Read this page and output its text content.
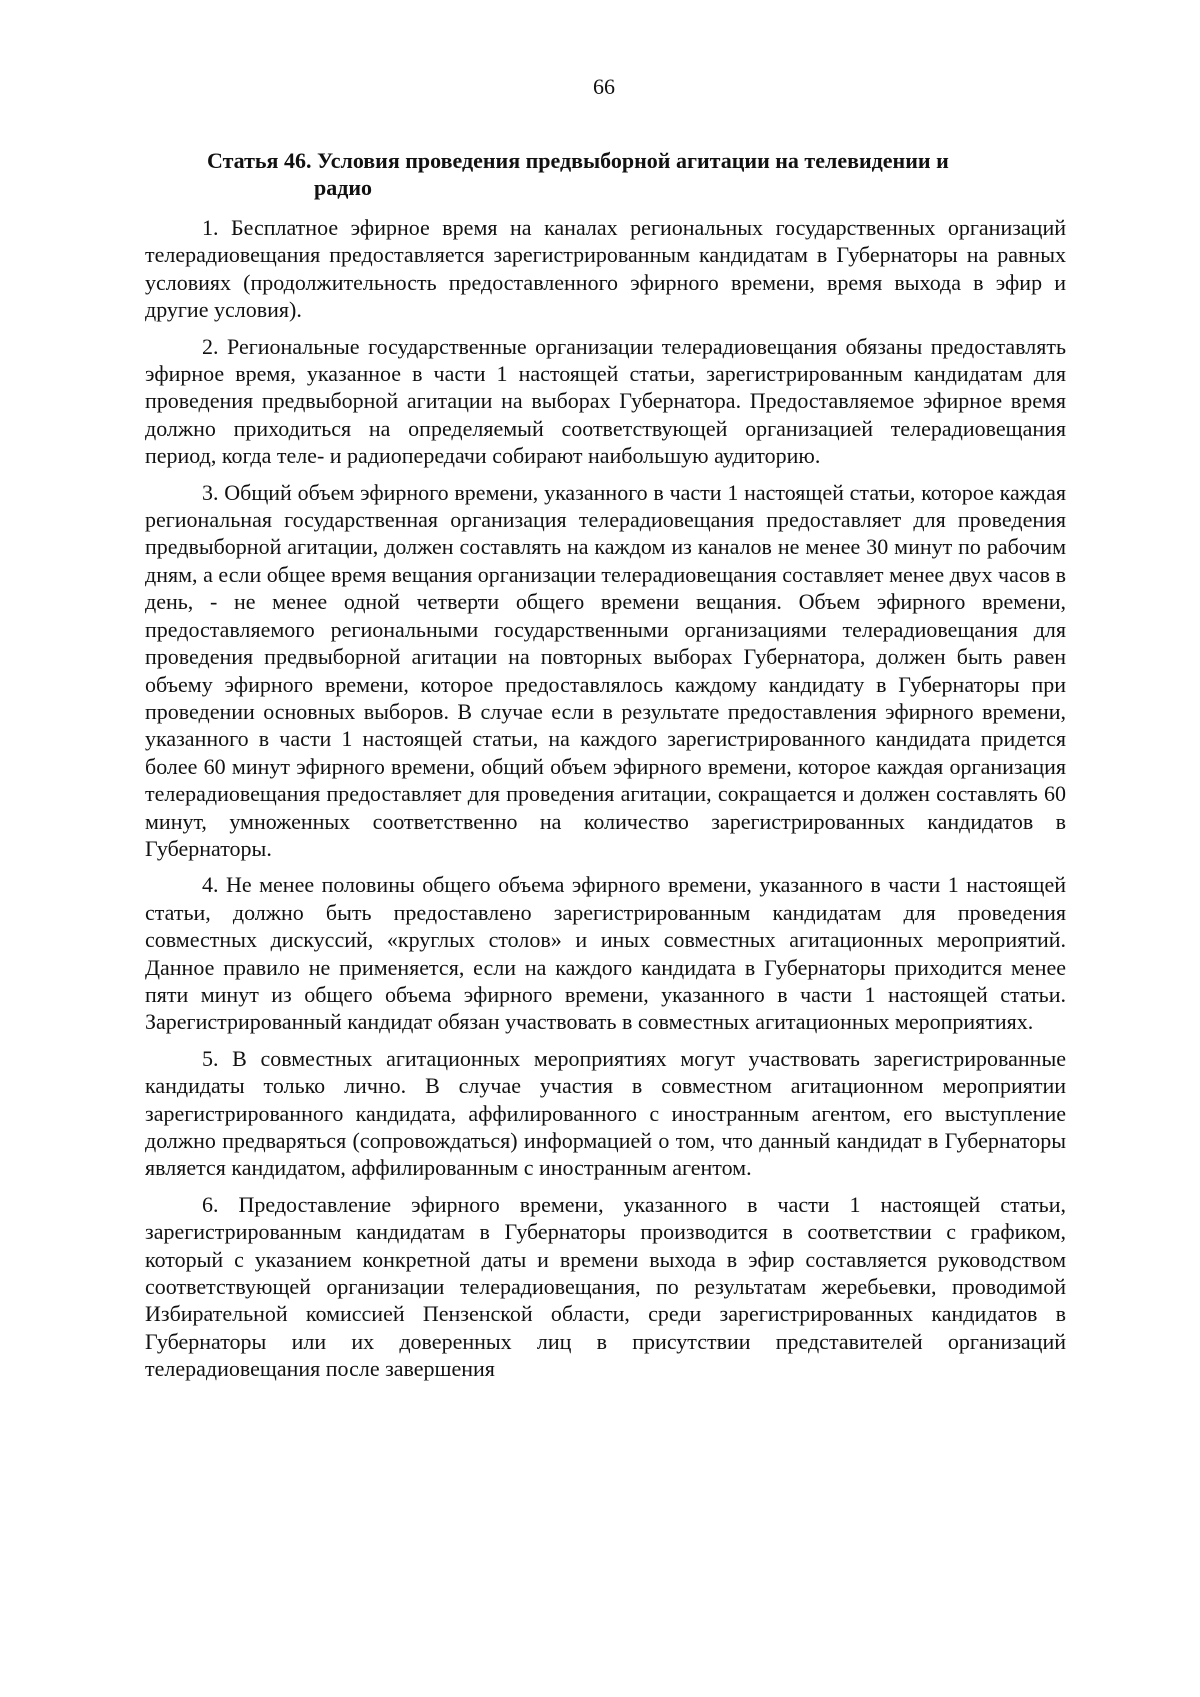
66
Статья 46. Условия проведения предвыборной агитации на телевидении и
радио

1. Бесплатное эфирное время на каналах региональных государственных организаций телерадиовещания предоставляется зарегистрированным кандидатам в Губернаторы на равных условиях (продолжительность предоставленного эфирного времени, время выхода в эфир и другие условия).

2. Региональные государственные организации телерадиовещания обязаны предоставлять эфирное время, указанное в части 1 настоящей статьи, зарегистрированным кандидатам для проведения предвыборной агитации на выборах Губернатора. Предоставляемое эфирное время должно приходиться на определяемый соответствующей организацией телерадиовещания период, когда теле- и радиопередачи собирают наибольшую аудиторию.

3. Общий объем эфирного времени, указанного в части 1 настоящей статьи, которое каждая региональная государственная организация телерадиовещания предоставляет для проведения предвыборной агитации, должен составлять на каждом из каналов не менее 30 минут по рабочим дням, а если общее время вещания организации телерадиовещания составляет менее двух часов в день, - не менее одной четверти общего времени вещания. Объем эфирного времени, предоставляемого региональными государственными организациями телерадиовещания для проведения предвыборной агитации на повторных выборах Губернатора, должен быть равен объему эфирного времени, которое предоставлялось каждому кандидату в Губернаторы при проведении основных выборов. В случае если в результате предоставления эфирного времени, указанного в части 1 настоящей статьи, на каждого зарегистрированного кандидата придется более 60 минут эфирного времени, общий объем эфирного времени, которое каждая организация телерадиовещания предоставляет для проведения агитации, сокращается и должен составлять 60 минут, умноженных соответственно на количество зарегистрированных кандидатов в Губернаторы.

4. Не менее половины общего объема эфирного времени, указанного в части 1 настоящей статьи, должно быть предоставлено зарегистрированным кандидатам для проведения совместных дискуссий, «круглых столов» и иных совместных агитационных мероприятий. Данное правило не применяется, если на каждого кандидата в Губернаторы приходится менее пяти минут из общего объема эфирного времени, указанного в части 1 настоящей статьи. Зарегистрированный кандидат обязан участвовать в совместных агитационных мероприятиях.

5. В совместных агитационных мероприятиях могут участвовать зарегистрированные кандидаты только лично. В случае участия в совместном агитационном мероприятии зарегистрированного кандидата, аффилированного с иностранным агентом, его выступление должно предваряться (сопровождаться) информацией о том, что данный кандидат в Губернаторы является кандидатом, аффилированным с иностранным агентом.

6. Предоставление эфирного времени, указанного в части 1 настоящей статьи, зарегистрированным кандидатам в Губернаторы производится в соответствии с графиком, который с указанием конкретной даты и времени выхода в эфир составляется руководством соответствующей организации телерадиовещания, по результатам жеребьевки, проводимой Избирательной комиссией Пензенской области, среди зарегистрированных кандидатов в Губернаторы или их доверенных лиц в присутствии представителей организаций телерадиовещания после завершения
